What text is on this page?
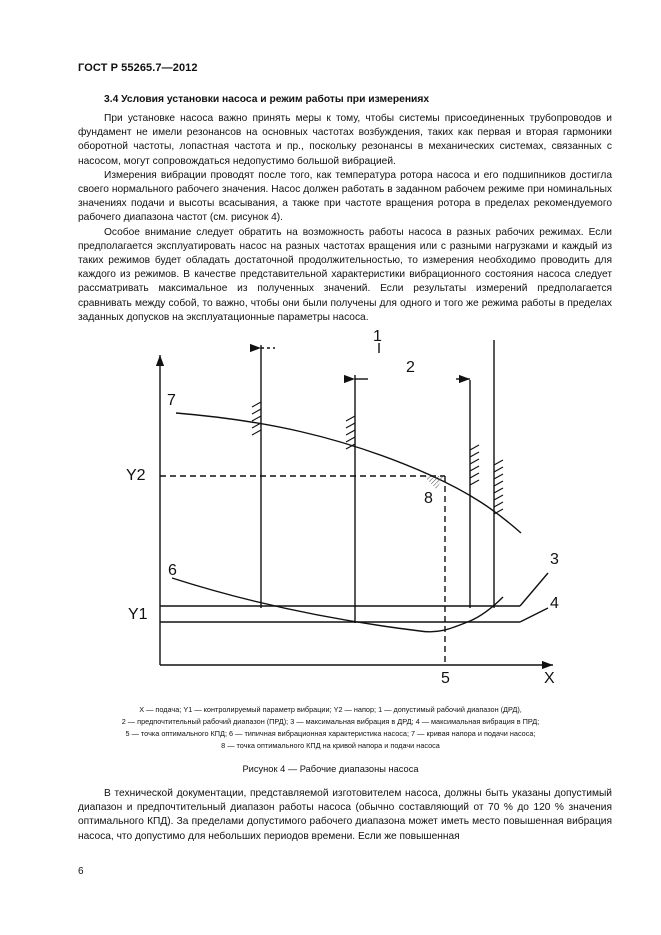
ГОСТ Р 55265.7—2012
3.4 Условия установки насоса и режим работы при измерениях

При установке насоса важно принять меры к тому, чтобы системы присоединенных трубопроводов и фундамент не имели резонансов на основных частотах возбуждения, таких как первая и вторая гармоники оборотной частоты, лопастная частота и пр., поскольку резонансы в механических системах, связанных с насосом, могут сопровождаться недопустимо большой вибрацией.

Измерения вибрации проводят после того, как температура ротора насоса и его подшипников достигла своего нормального рабочего значения. Насос должен работать в заданном рабочем режиме при номинальных значениях подачи и высоты всасывания, а также при частоте вращения ротора в пределах рекомендуемого рабочего диапазона частот (см. рисунок 4).

Особое внимание следует обратить на возможность работы насоса в разных рабочих режимах. Если предполагается эксплуатировать насос на разных частотах вращения или с разными нагрузками и каждый из таких режимов будет обладать достаточной продолжительностью, то измерения необходимо проводить для каждого из режимов. В качестве представительной характеристики вибрационного состояния насоса следует рассматривать максимальное из полученных значений. Если результаты измерений предполагается сравнивать между собой, то важно, чтобы они были получены для одного и того же режима работы в пределах заданных допусков на эксплуатационные параметры насоса.

1
2
7
Y2
8
6
3
4
Y1
5	X
X — подача; Y1 — контролируемый параметр вибрации; Y2 — напор; 1 — допустимый рабочий диапазон (ДРД),
2 — предпочтительный рабочий диапазон (ПРД); 3 — максимальная вибрация в ДРД; 4 — максимальная вибрация в ПРД;
5 — точка оптимального КПД; 6 — типичная вибрационная характеристика насоса; 7 — кривая напора и подачи насоса;
8 — точка оптимального КПД на кривой напора и подачи насоса
Рисунок 4 — Рабочие диапазоны насоса

В технической документации, представляемой изготовителем насоса, должны быть указаны допустимый диапазон и предпочтительный диапазон работы насоса (обычно составляющий от 70 % до 120 % значения оптимального КПД). За пределами допустимого рабочего диапазона может иметь место повышенная вибрация насоса, что допустимо для небольших периодов времени. Если же повышенная

6
